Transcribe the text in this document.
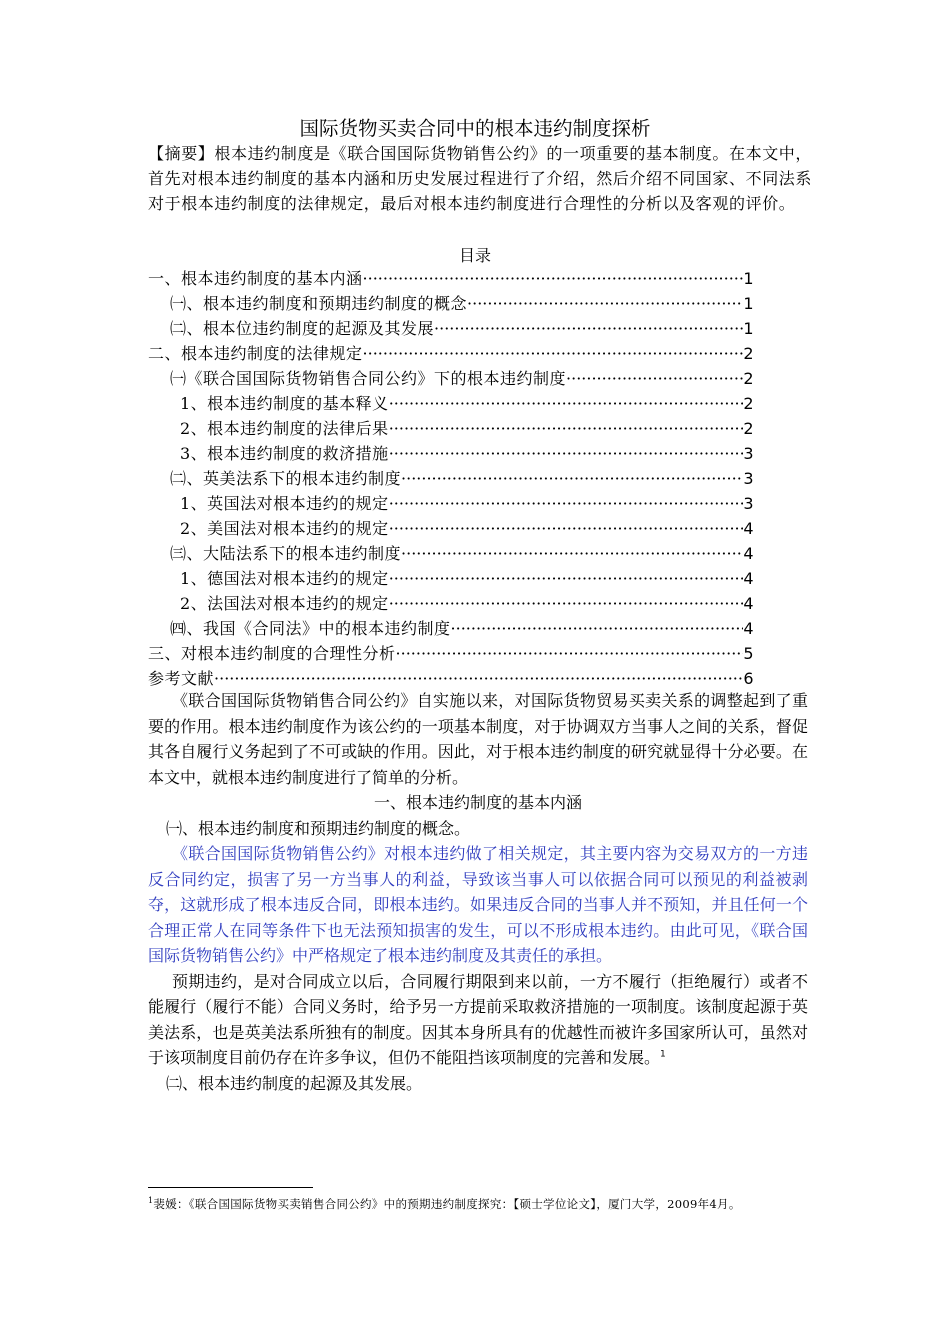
国际货物买卖合同中的根本违约制度探析

【摘要】根本违约制度是《联合国国际货物销售公约》的一项重要的基本制度。在本文中，首先对根本违约制度的基本内涵和历史发展过程进行了介绍，然后介绍不同国家、不同法系对于根本违约制度的法律规定，最后对根本违约制度进行合理性的分析以及客观的评价。

目录
一、根本违约制度的基本内涵 ·····	1
㈠、根本违约制度和预期违约制度的概念 ·····	1
㈡、根本位违约制度的起源及其发展 ·····	1
二、根本违约制度的法律规定 ·····	2
㈠《联合国国际货物销售合同公约》下的根本违约制度 ·····	2
1、根本违约制度的基本释义 ·····	2
2、根本违约制度的法律后果 ·····	2
3、根本违约制度的救济措施 ·····	3
㈡、英美法系下的根本违约制度 ·····	3
1、英国法对根本违约的规定 ·····	3
2、美国法对根本违约的规定 ·····	4
㈢、大陆法系下的根本违约制度 ·····	4
1、德国法对根本违约的规定 ·····	4
2、法国法对根本违约的规定 ·····	4
㈣、我国《合同法》中的根本违约制度 ·····	4
三、对根本违约制度的合理性分析 ·····	5
参考文献 ·····	6

《联合国国际货物销售合同公约》自实施以来，对国际货物贸易买卖关系的调整起到了重要的作用。根本违约制度作为该公约的一项基本制度，对于协调双方当事人之间的关系，督促其各自履行义务起到了不可或缺的作用。因此，对于根本违约制度的研究就显得十分必要。在本文中，就根本违约制度进行了简单的分析。

一、根本违约制度的基本内涵

㈠、根本违约制度和预期违约制度的概念。

《联合国国际货物销售公约》对根本违约做了相关规定，其主要内容为交易双方的一方违反合同约定，损害了另一方当事人的利益，导致该当事人可以依据合同可以预见的利益被剥夺，这就形成了根本违反合同，即根本违约。如果违反合同的当事人并不预知，并且任何一个合理正常人在同等条件下也无法预知损害的发生，可以不形成根本违约。由此可见，《联合国国际货物销售公约》中严格规定了根本违约制度及其责任的承担。

预期违约，是对合同成立以后，合同履行期限到来以前，一方不履行（拒绝履行）或者不能履行（履行不能）合同义务时，给予另一方提前采取救济措施的一项制度。该制度起源于英美法系，也是英美法系所独有的制度。因其本身所具有的优越性而被许多国家所认可，虽然对于该项制度目前仍存在许多争议，但仍不能阻挡该项制度的完善和发展。$^1$

㈡、根本违约制度的起源及其发展。

$^1$裴媛：《联合国国际货物买卖销售合同公约》中的预期违约制度探究：【硕士学位论文】，厦门大学，2009年4月。
